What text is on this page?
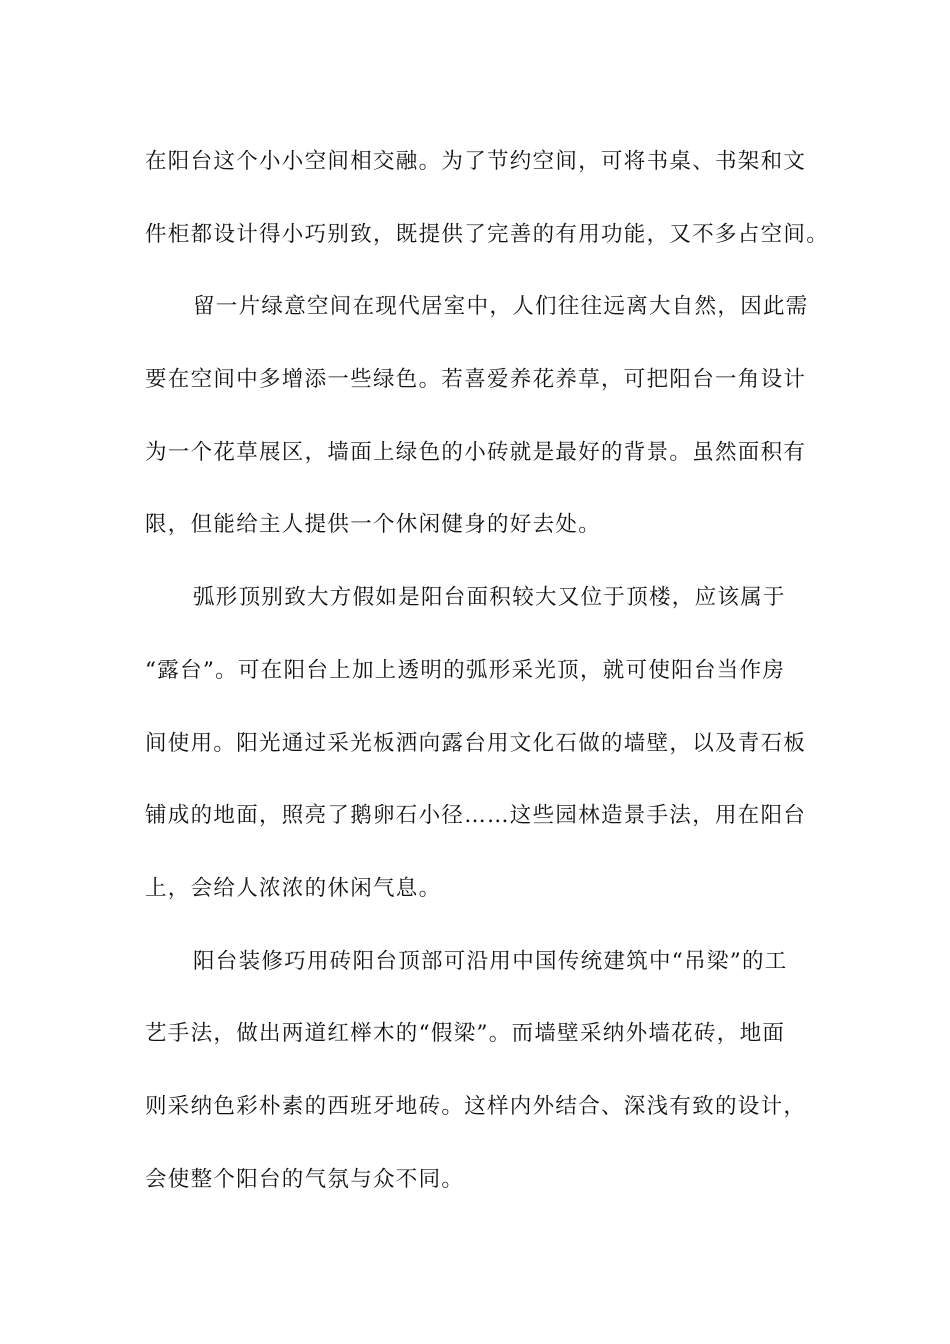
在阳台这个小小空间相交融。为了节约空间，可将书桌、书架和文
件柜都设计得小巧别致，既提供了完善的有用功能，又不多占空间。
留一片绿意空间在现代居室中，人们往往远离大自然，因此需
要在空间中多增添一些绿色。若喜爱养花养草，可把阳台一角设计
为一个花草展区，墙面上绿色的小砖就是最好的背景。虽然面积有
限，但能给主人提供一个休闲健身的好去处。
弧形顶别致大方假如是阳台面积较大又位于顶楼，应该属于
“露台”。可在阳台上加上透明的弧形采光顶，就可使阳台当作房
间使用。阳光通过采光板洒向露台用文化石做的墙壁，以及青石板
铺成的地面，照亮了鹅卵石小径……这些园林造景手法，用在阳台
上，会给人浓浓的休闲气息。
阳台装修巧用砖阳台顶部可沿用中国传统建筑中“吊梁”的工
艺手法，做出两道红榉木的“假梁”。而墙壁采纳外墙花砖，地面
则采纳色彩朴素的西班牙地砖。这样内外结合、深浅有致的设计，
会使整个阳台的气氛与众不同。
